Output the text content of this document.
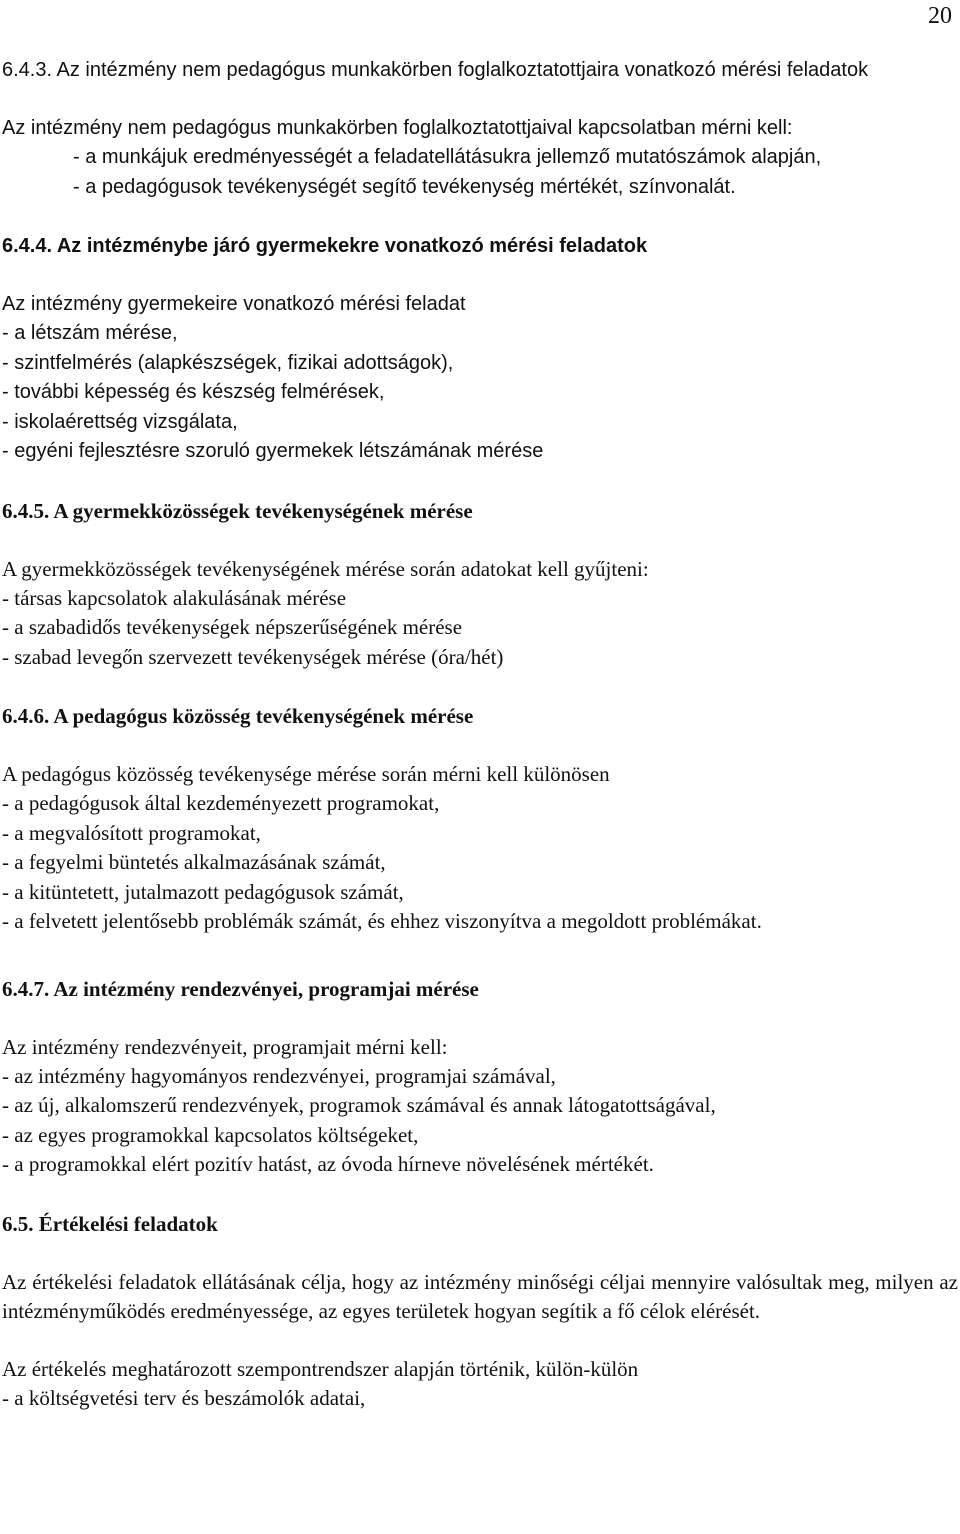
20
6.4.3. Az intézmény nem pedagógus munkakörben foglalkoztatottjaira vonatkozó mérési feladatok

Az intézmény nem pedagógus munkakörben foglalkoztatottjaival kapcsolatban mérni kell:

- a munkájuk eredményességét a feladatellátásukra jellemző mutatószámok alapján,
- a pedagógusok tevékenységét segítő tevékenység mértékét, színvonalát.
6.4.4. Az intézménybe járó gyermekekre vonatkozó mérési feladatok

Az intézmény gyermekeire vonatkozó mérési feladat

- a létszám mérése,
- szintfelmérés (alapkészségek, fizikai adottságok),
- további képesség és készség felmérések,
- iskolaérettség vizsgálata,
- egyéni fejlesztésre szoruló gyermekek létszámának mérése
6.4.5. A gyermekközösségek tevékenységének mérése

A gyermekközösségek tevékenységének mérése során adatokat kell gyűjteni:

- társas kapcsolatok alakulásának mérése
- a szabadidős tevékenységek népszerűségének mérése
- szabad levegőn szervezett tevékenységek mérése (óra/hét)
6.4.6. A pedagógus közösség tevékenységének mérése

A pedagógus közösség tevékenysége mérése során mérni kell különösen

- a pedagógusok által kezdeményezett programokat,
- a megvalósított programokat,
- a fegyelmi büntetés alkalmazásának számát,
- a kitüntetett, jutalmazott pedagógusok számát,
- a felvetett jelentősebb problémák számát, és ehhez viszonyítva a megoldott problémákat.
6.4.7. Az intézmény rendezvényei, programjai mérése

Az intézmény rendezvényeit, programjait mérni kell:

- az intézmény hagyományos rendezvényei, programjai számával,
- az új, alkalomszerű rendezvények, programok számával és annak látogatottságával,
- az egyes programokkal kapcsolatos költségeket,
- a programokkal elért pozitív hatást, az óvoda hírneve növelésének mértékét.
6.5. Értékelési feladatok

Az értékelési feladatok ellátásának célja, hogy az intézmény minőségi céljai mennyire valósultak meg, milyen az intézményműködés eredményessége, az egyes területek hogyan segítik a fő célok elérését.

Az értékelés meghatározott szempontrendszer alapján történik, külön-külön

- a költségvetési terv és beszámolók adatai,
